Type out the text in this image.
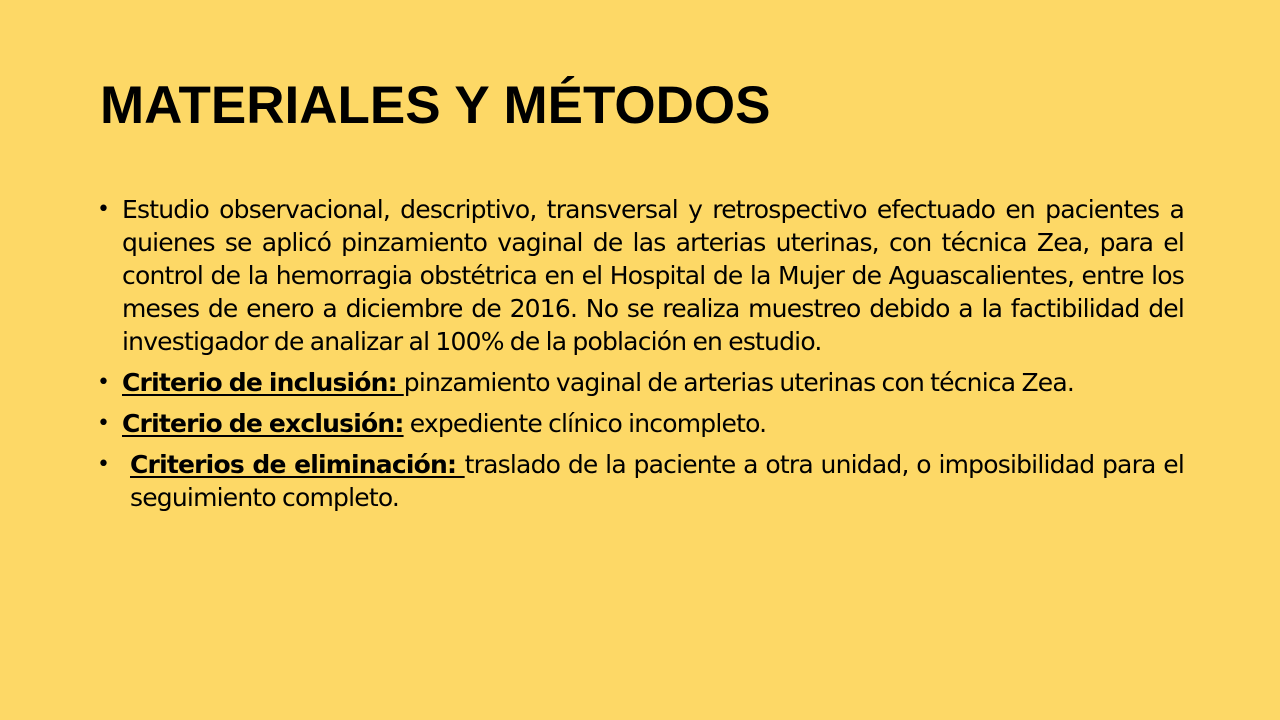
MATERIALES Y MÉTODOS
• Estudio observacional, descriptivo, transversal y retrospectivo efectuado en pacientes a quienes se aplicó pinzamiento vaginal de las arterias uterinas, con técnica Zea, para el control de la hemorragia obstétrica en el Hospital de la Mujer de Aguascalientes, entre los meses de enero a diciembre de 2016. No se realiza muestreo debido a la factibilidad del investigador de analizar al 100% de la población en estudio.
• Criterio de inclusión: pinzamiento vaginal de arterias uterinas con técnica Zea.
• Criterio de exclusión: expediente clínico incompleto.
• Criterios de eliminación: traslado de la paciente a otra unidad, o imposibilidad para el seguimiento completo.
